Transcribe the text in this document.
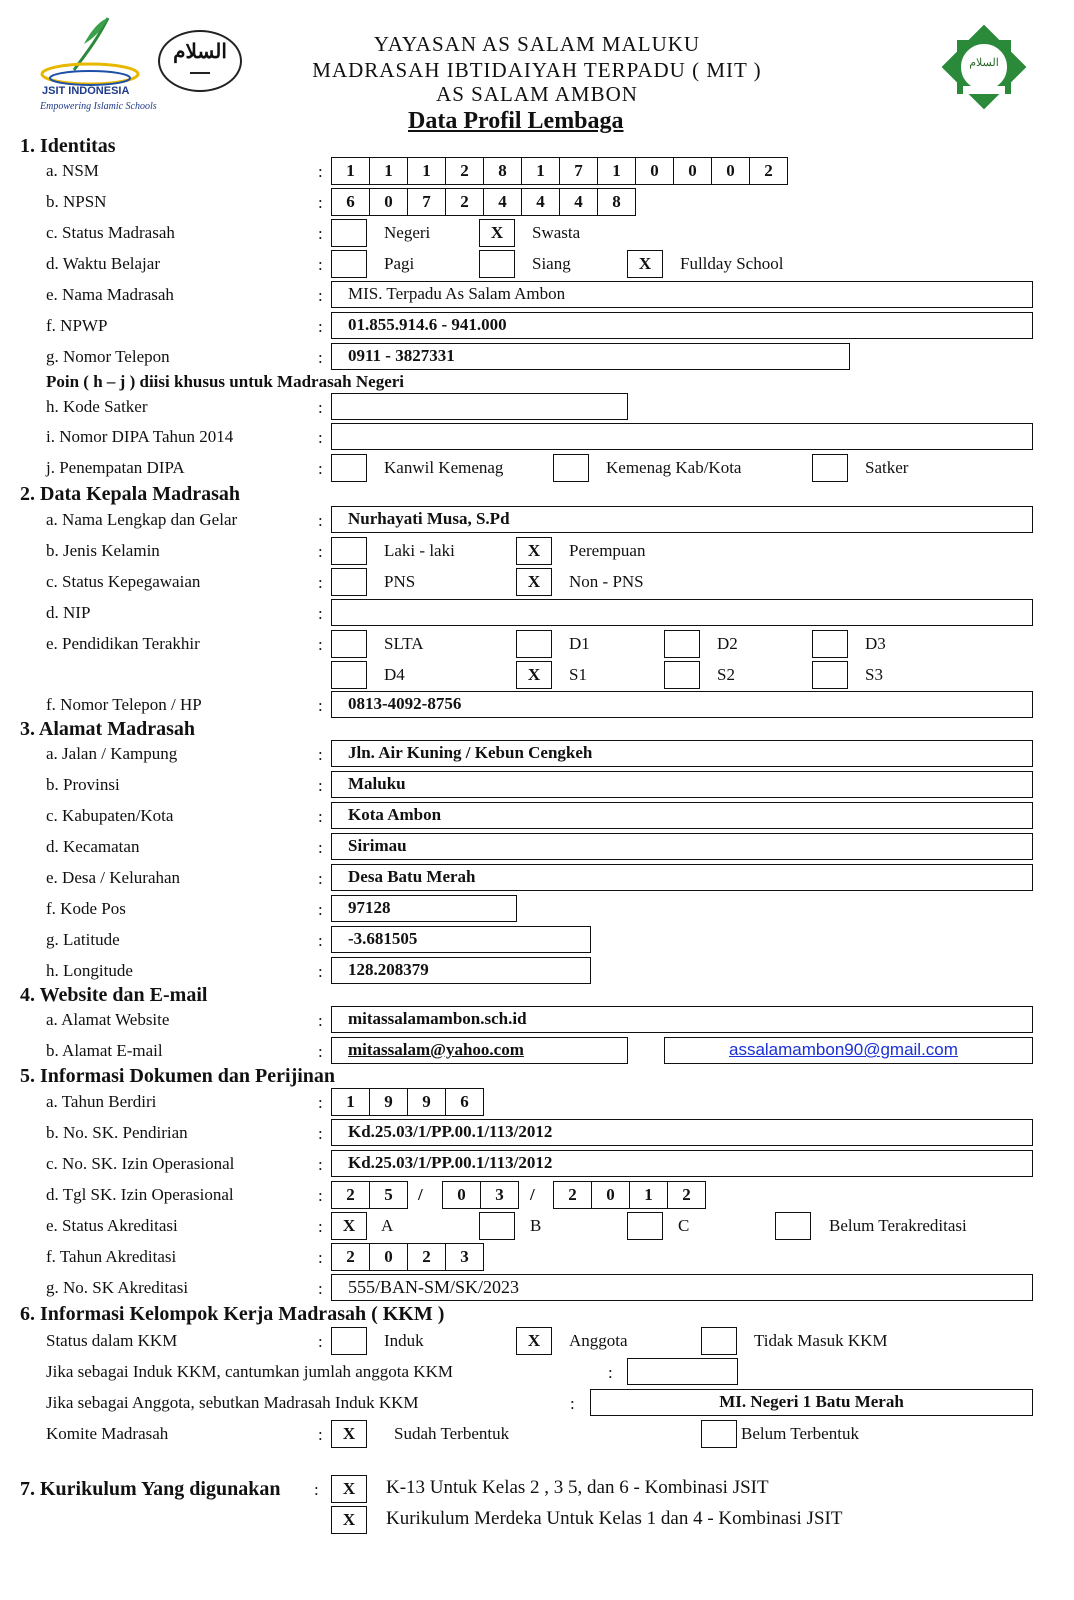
JSIT INDONESIA
Empowering Islamic Schools
السلام	السلام
YAYASAN AS SALAM MALUKU
MADRASAH IBTIDAIYAH TERPADU ( MIT )
AS SALAM AMBON
Data Profil Lembaga
1. Identitas
a. NSM	:	1	1	1	2	8	1	7	1	0	0	0	2
b. NPSN	:	6	0	7	2	4	4	4	8
c. Status Madrasah	:	Negeri	X	Swasta
d. Waktu Belajar	:	Pagi	Siang	X	Fullday School
e. Nama Madrasah	:	MIS. Terpadu As Salam Ambon
f. NPWP	:	01.855.914.6 - 941.000
g. Nomor Telepon	:	0911 - 3827331
Poin ( h – j ) diisi khusus untuk Madrasah Negeri
h. Kode Satker	:
i. Nomor DIPA Tahun 2014	:
j. Penempatan DIPA	:	Kanwil Kemenag	Kemenag Kab/Kota	Satker
2. Data Kepala Madrasah
a. Nama Lengkap dan Gelar	:	Nurhayati Musa, S.Pd
b. Jenis Kelamin	:	Laki - laki	X	Perempuan
c. Status Kepegawaian	:	PNS	X	Non - PNS
d. NIP	:
e. Pendidikan Terakhir	:	SLTA	D1	D2	D3
D4	X	S1	S2	S3
f. Nomor Telepon / HP	:	0813-4092-8756
3. Alamat Madrasah
a. Jalan / Kampung	:	Jln. Air Kuning / Kebun Cengkeh
b. Provinsi	:	Maluku
c. Kabupaten/Kota	:	Kota Ambon
d. Kecamatan	:	Sirimau
e. Desa / Kelurahan	:	Desa Batu Merah
f. Kode Pos	:	97128
g. Latitude	:	-3.681505
h. Longitude	:	128.208379
4. Website dan E-mail
a. Alamat Website	:	mitassalamambon.sch.id
b. Alamat E-mail	:	mitassalam@yahoo.com	assalamambon90@gmail.com
5. Informasi Dokumen dan Perijinan
a. Tahun Berdiri	:	1	9	9	6
b. No. SK. Pendirian	:	Kd.25.03/1/PP.00.1/113/2012
c. No. SK. Izin Operasional	:	Kd.25.03/1/PP.00.1/113/2012
d. Tgl SK. Izin Operasional	:	2	5	/	0	3	/	2	0	1	2
e. Status Akreditasi	:	X	A	B	C	Belum Terakreditasi
f. Tahun Akreditasi	:	2	0	2	3
g. No. SK Akreditasi	:	555/BAN-SM/SK/2023
6. Informasi Kelompok Kerja Madrasah ( KKM )
Status dalam KKM	:	Induk	X	Anggota	Tidak Masuk KKM
Jika sebagai Induk KKM, cantumkan jumlah anggota KKM	:
Jika sebagai Anggota, sebutkan Madrasah Induk KKM	:	MI. Negeri 1 Batu Merah
Komite Madrasah	:	X	Sudah Terbentuk	Belum Terbentuk
7. Kurikulum Yang digunakan :	X	K-13 Untuk Kelas 2 , 3 5, dan 6 - Kombinasi JSIT
X	Kurikulum Merdeka Untuk Kelas 1 dan 4 - Kombinasi JSIT
